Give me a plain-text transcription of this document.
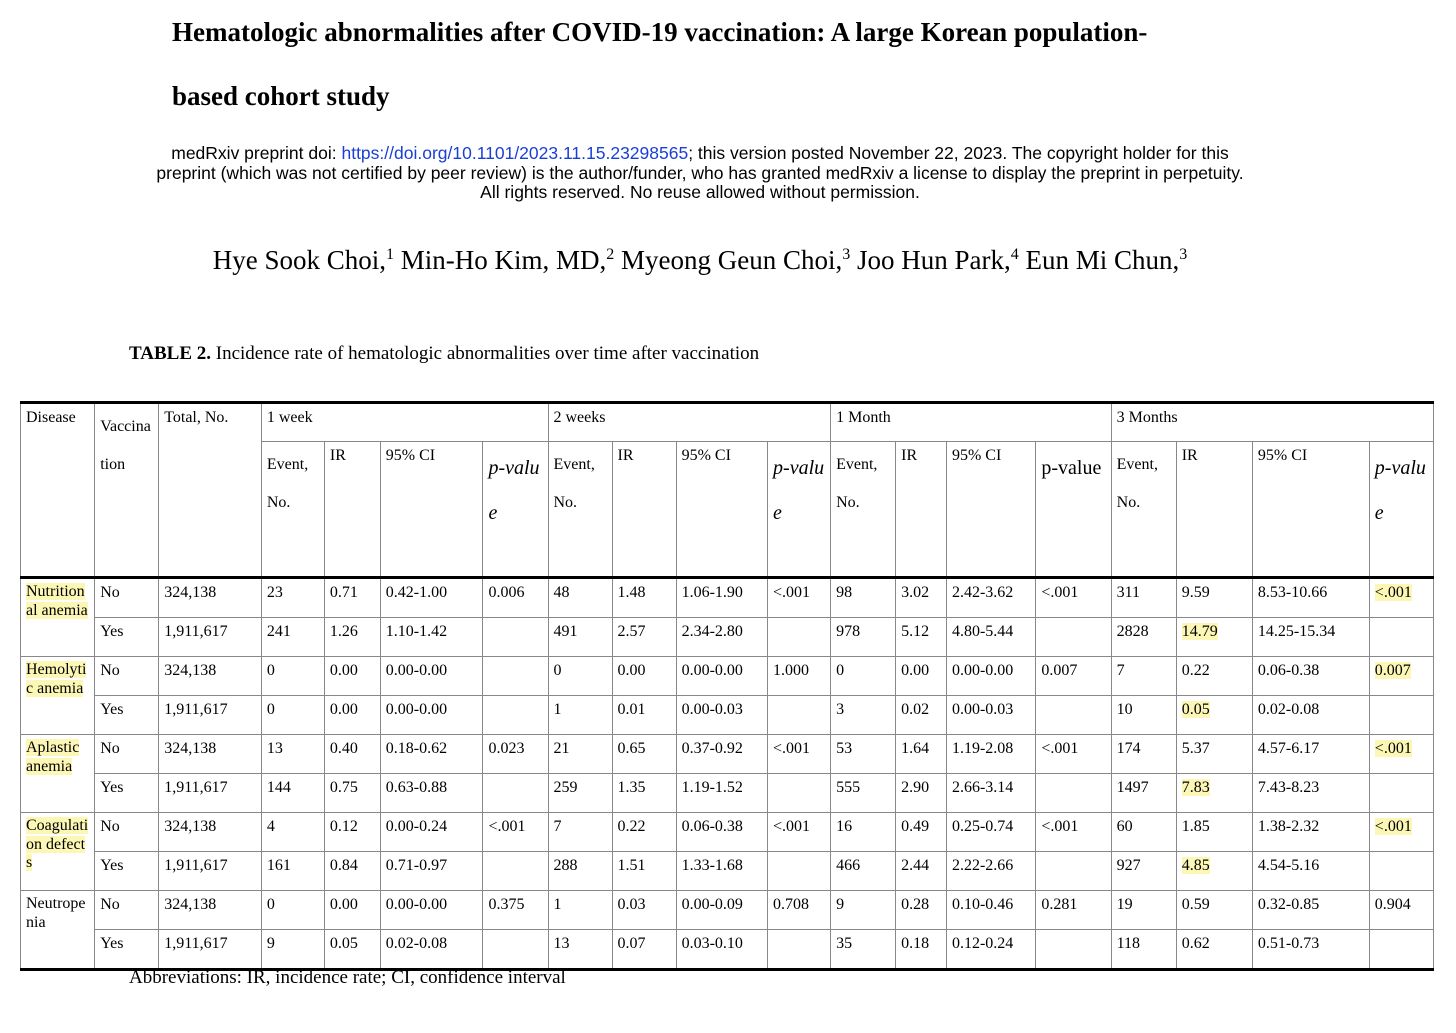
Hematologic abnormalities after COVID-19 vaccination: A large Korean population-
based cohort study
medRxiv preprint doi: https://doi.org/10.1101/2023.11.15.23298565; this version posted November 22, 2023. The copyright holder for this
preprint (which was not certified by peer review) is the author/funder, who has granted medRxiv a license to display the preprint in perpetuity.
All rights reserved. No reuse allowed without permission.
Hye Sook Choi,$^1$ Min-Ho Kim, MD,$^2$ Myeong Geun Choi,$^3$ Joo Hun Park,$^4$ Eun Mi Chun,$^3$
TABLE 2. Incidence rate of hematologic abnormalities over time after vaccination
Disease	Vaccination	Total, No.	1 week				2 weeks				1 Month				3 Months			
			Event, No.	IR	95% CI	p-value	Event, No.	IR	95% CI	p-value	Event, No.	IR	95% CI	p-value	Event, No.	IR	95% CI	p-value
Nutritional anemia	No	324,138	23	0.71	0.42-1.00	0.006	48	1.48	1.06-1.90	<.001	98	3.02	2.42-3.62	<.001	311	9.59	8.53-10.66	<.001
	Yes	1,911,617	241	1.26	1.10-1.42		491	2.57	2.34-2.80		978	5.12	4.80-5.44		2828	14.79	14.25-15.34	
Hemolytic anemia	No	324,138	0	0.00	0.00-0.00		0	0.00	0.00-0.00	1.000	0	0.00	0.00-0.00	0.007	7	0.22	0.06-0.38	0.007
	Yes	1,911,617	0	0.00	0.00-0.00		1	0.01	0.00-0.03		3	0.02	0.00-0.03		10	0.05	0.02-0.08	
Aplastic anemia	No	324,138	13	0.40	0.18-0.62	0.023	21	0.65	0.37-0.92	<.001	53	1.64	1.19-2.08	<.001	174	5.37	4.57-6.17	<.001
	Yes	1,911,617	144	0.75	0.63-0.88		259	1.35	1.19-1.52		555	2.90	2.66-3.14		1497	7.83	7.43-8.23	
Coagulation defects	No	324,138	4	0.12	0.00-0.24	<.001	7	0.22	0.06-0.38	<.001	16	0.49	0.25-0.74	<.001	60	1.85	1.38-2.32	<.001
	Yes	1,911,617	161	0.84	0.71-0.97		288	1.51	1.33-1.68		466	2.44	2.22-2.66		927	4.85	4.54-5.16	
Neutropenia	No	324,138	0	0.00	0.00-0.00	0.375	1	0.03	0.00-0.09	0.708	9	0.28	0.10-0.46	0.281	19	0.59	0.32-0.85	0.904
	Yes	1,911,617	9	0.05	0.02-0.08		13	0.07	0.03-0.10		35	0.18	0.12-0.24		118	0.62	0.51-0.73	
Abbreviations: IR, incidence rate; CI, confidence interval
